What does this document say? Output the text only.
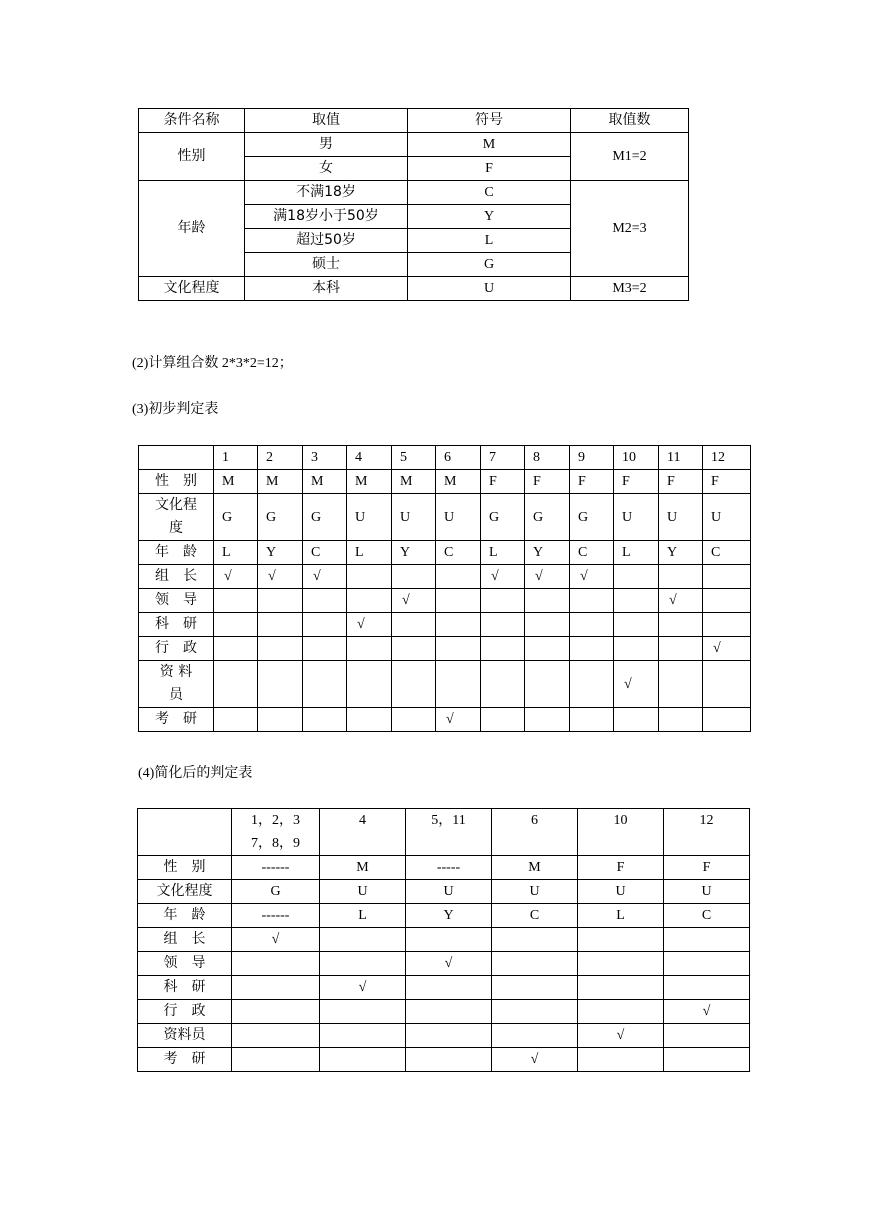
条件名称	取值	符号	取值数
性别	男	M	M1=2
	女	F	
年龄	不满18岁	C	M2=3
	满18岁小于50岁	Y	
	超过50岁	L	
	硕士	G	
文化程度	本科	U	M3=2
(2)计算组合数 2*3*2=12；
(3)初步判定表
	1	2	3	4	5	6	7	8	9	10	11	12
性　别	M	M	M	M	M	M	F	F	F	F	F	F
文化程
度	G	G	G	U	U	U	G	G	G	U	U	U
年　龄	L	Y	C	L	Y	C	L	Y	C	L	Y	C
组　长	√	√	√				√	√	√			
领　导					√						√	
科　研				√								
行　政												√
资 料
员										√		
考　研						√						
(4)简化后的判定表
	1，2，3
7，8，9	4	5，11	6	10	12
性　别	------	M	-----	M	F	F
文化程度	G	U	U	U	U	U
年　龄	------	L	Y	C	L	C
组　长	√					
领　导			√			
科　研		√				
行　政						√
资料员					√	
考　研				√		
